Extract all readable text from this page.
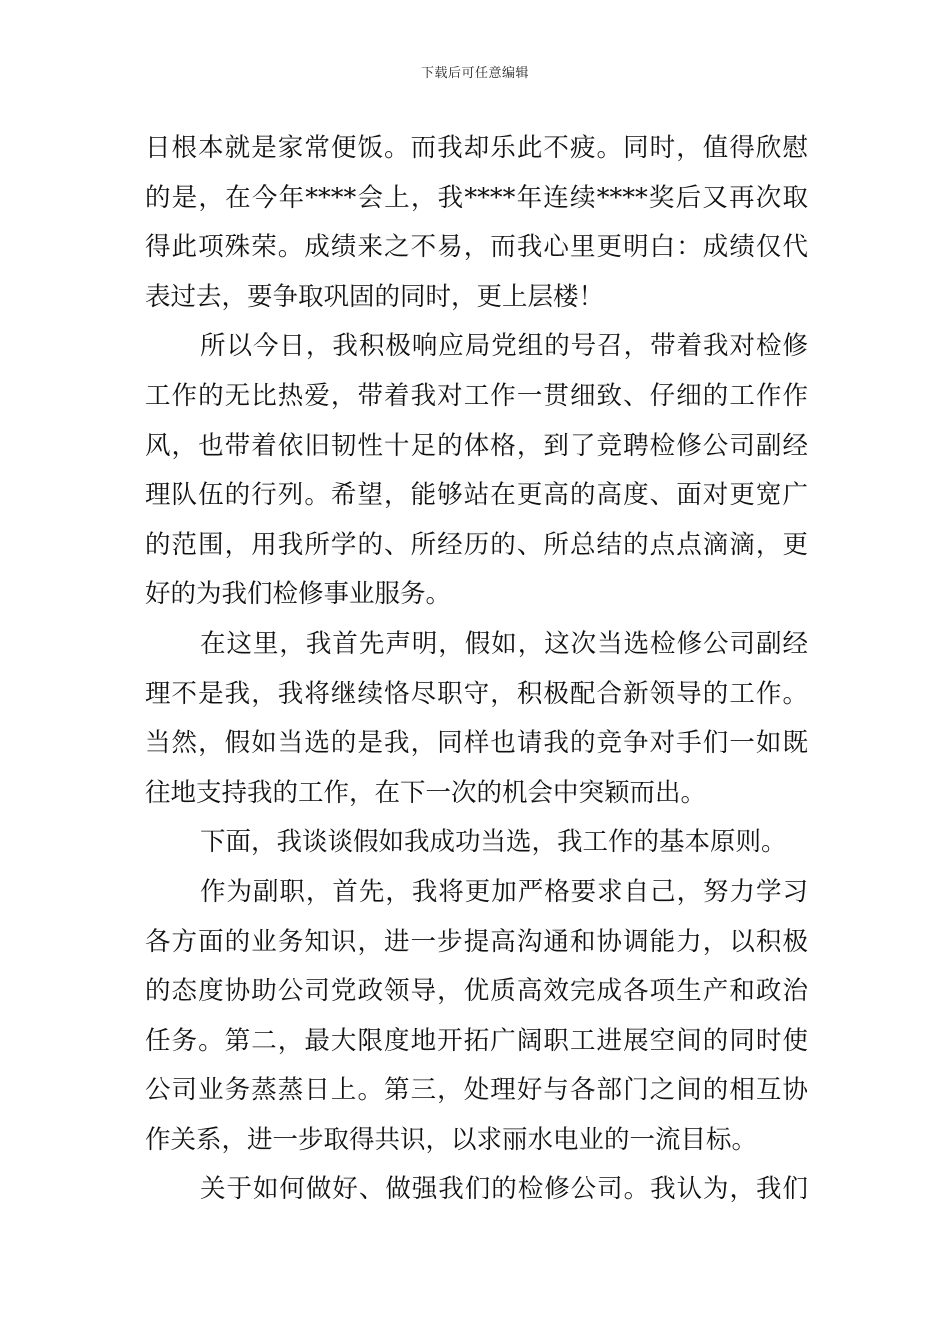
下载后可任意编辑
日根本就是家常便饭。而我却乐此不疲。同时，值得欣慰
的是，在今年****会上，我****年连续****奖后又再次取
得此项殊荣。成绩来之不易，而我心里更明白：成绩仅代
表过去，要争取巩固的同时，更上层楼！
所以今日，我积极响应局党组的号召，带着我对检修
工作的无比热爱，带着我对工作一贯细致、仔细的工作作
风，也带着依旧韧性十足的体格，到了竞聘检修公司副经
理队伍的行列。希望，能够站在更高的高度、面对更宽广
的范围，用我所学的、所经历的、所总结的点点滴滴，更
好的为我们检修事业服务。
在这里，我首先声明，假如，这次当选检修公司副经
理不是我，我将继续恪尽职守，积极配合新领导的工作。
当然，假如当选的是我，同样也请我的竞争对手们一如既
往地支持我的工作，在下一次的机会中突颖而出。
下面，我谈谈假如我成功当选，我工作的基本原则。
作为副职，首先，我将更加严格要求自己，努力学习
各方面的业务知识，进一步提高沟通和协调能力，以积极
的态度协助公司党政领导，优质高效完成各项生产和政治
任务。第二，最大限度地开拓广阔职工进展空间的同时使
公司业务蒸蒸日上。第三，处理好与各部门之间的相互协
作关系，进一步取得共识，以求丽水电业的一流目标。
关于如何做好、做强我们的检修公司。我认为，我们
